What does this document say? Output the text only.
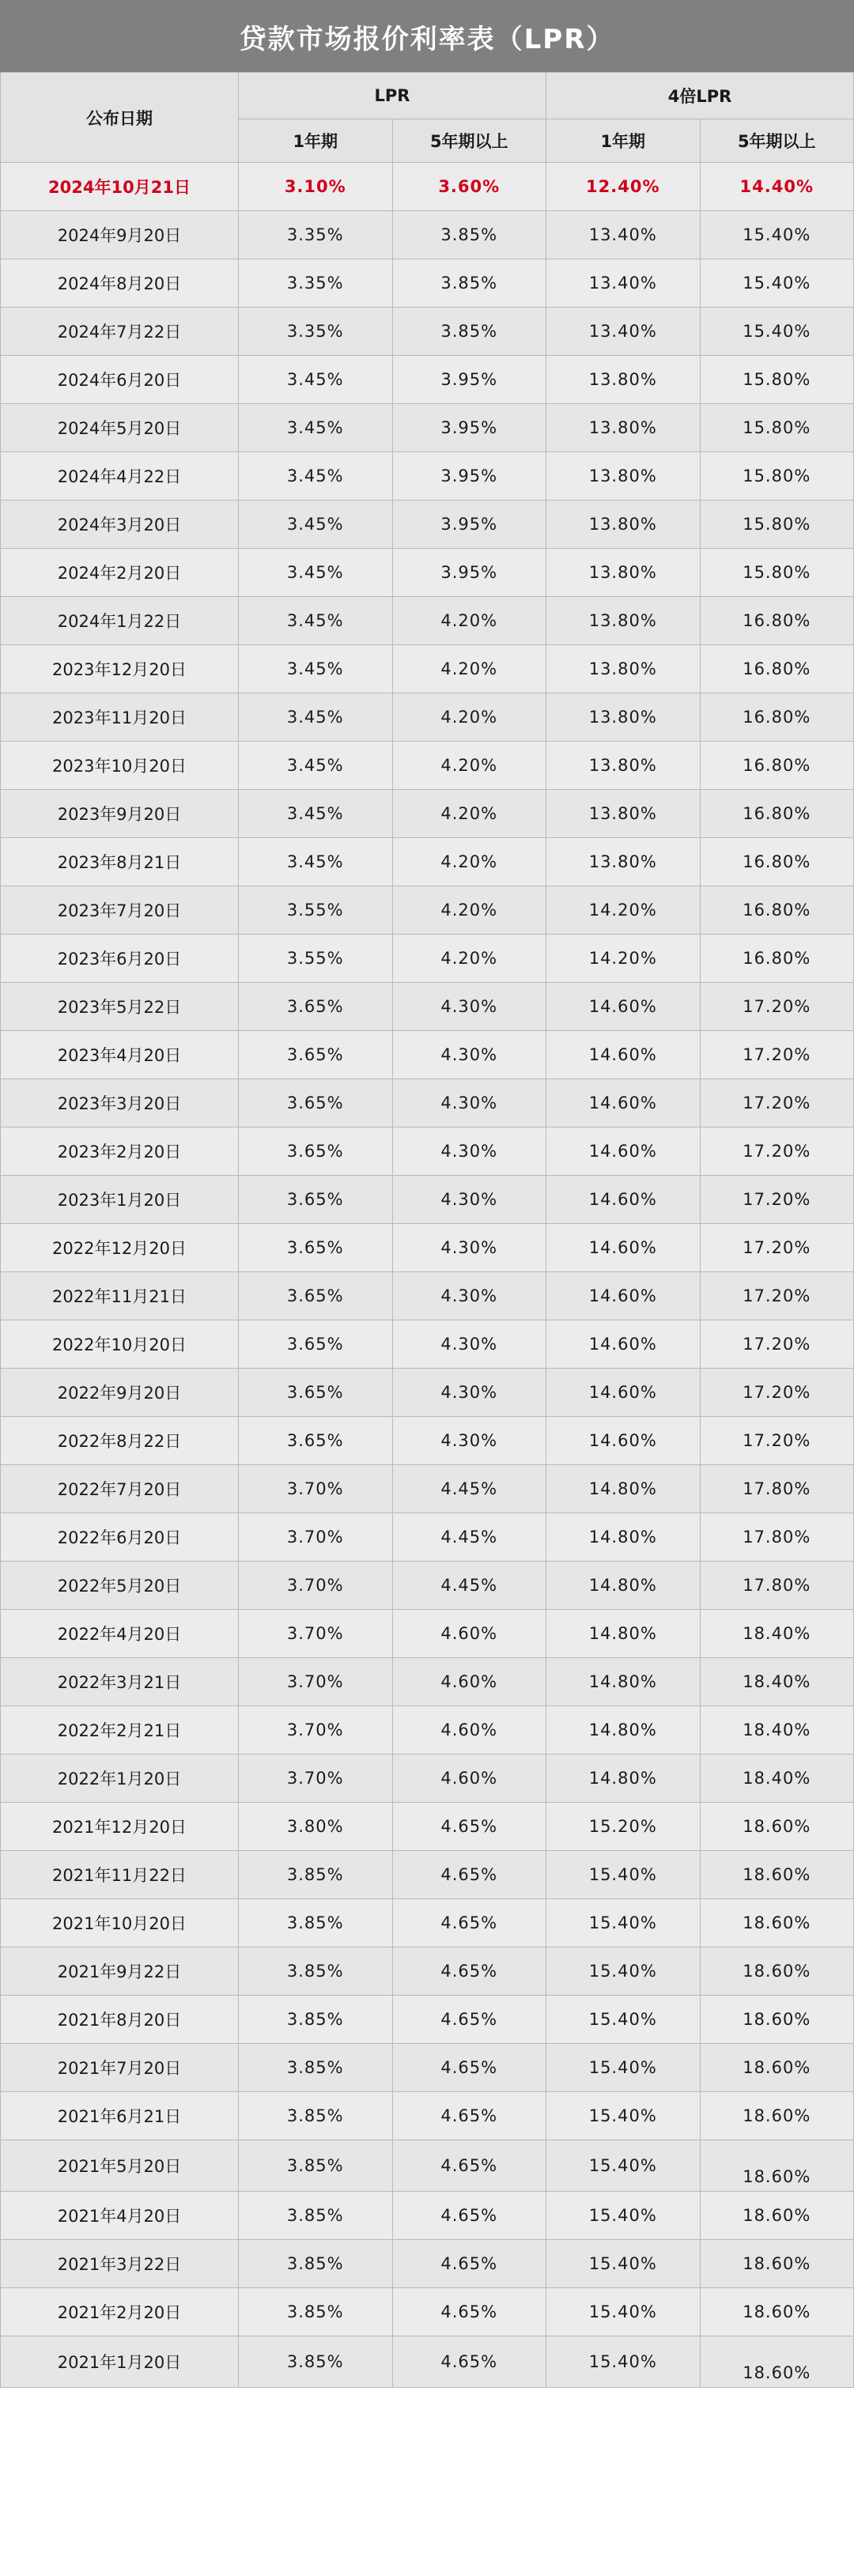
贷款市场报价利率表（LPR）
公布日期	LPR		4倍LPR	
	1年期	5年期以上	1年期	5年期以上
2024年10月21日	3.10%	3.60%	12.40%	14.40%
2024年9月20日	3.35%	3.85%	13.40%	15.40%
2024年8月20日	3.35%	3.85%	13.40%	15.40%
2024年7月22日	3.35%	3.85%	13.40%	15.40%
2024年6月20日	3.45%	3.95%	13.80%	15.80%
2024年5月20日	3.45%	3.95%	13.80%	15.80%
2024年4月22日	3.45%	3.95%	13.80%	15.80%
2024年3月20日	3.45%	3.95%	13.80%	15.80%
2024年2月20日	3.45%	3.95%	13.80%	15.80%
2024年1月22日	3.45%	4.20%	13.80%	16.80%
2023年12月20日	3.45%	4.20%	13.80%	16.80%
2023年11月20日	3.45%	4.20%	13.80%	16.80%
2023年10月20日	3.45%	4.20%	13.80%	16.80%
2023年9月20日	3.45%	4.20%	13.80%	16.80%
2023年8月21日	3.45%	4.20%	13.80%	16.80%
2023年7月20日	3.55%	4.20%	14.20%	16.80%
2023年6月20日	3.55%	4.20%	14.20%	16.80%
2023年5月22日	3.65%	4.30%	14.60%	17.20%
2023年4月20日	3.65%	4.30%	14.60%	17.20%
2023年3月20日	3.65%	4.30%	14.60%	17.20%
2023年2月20日	3.65%	4.30%	14.60%	17.20%
2023年1月20日	3.65%	4.30%	14.60%	17.20%
2022年12月20日	3.65%	4.30%	14.60%	17.20%
2022年11月21日	3.65%	4.30%	14.60%	17.20%
2022年10月20日	3.65%	4.30%	14.60%	17.20%
2022年9月20日	3.65%	4.30%	14.60%	17.20%
2022年8月22日	3.65%	4.30%	14.60%	17.20%
2022年7月20日	3.70%	4.45%	14.80%	17.80%
2022年6月20日	3.70%	4.45%	14.80%	17.80%
2022年5月20日	3.70%	4.45%	14.80%	17.80%
2022年4月20日	3.70%	4.60%	14.80%	18.40%
2022年3月21日	3.70%	4.60%	14.80%	18.40%
2022年2月21日	3.70%	4.60%	14.80%	18.40%
2022年1月20日	3.70%	4.60%	14.80%	18.40%
2021年12月20日	3.80%	4.65%	15.20%	18.60%
2021年11月22日	3.85%	4.65%	15.40%	18.60%
2021年10月20日	3.85%	4.65%	15.40%	18.60%
2021年9月22日	3.85%	4.65%	15.40%	18.60%
2021年8月20日	3.85%	4.65%	15.40%	18.60%
2021年7月20日	3.85%	4.65%	15.40%	18.60%
2021年6月21日	3.85%	4.65%	15.40%	18.60%
2021年5月20日	3.85%	4.65%	15.40%	18.60%
2021年4月20日	3.85%	4.65%	15.40%	18.60%
2021年3月22日	3.85%	4.65%	15.40%	18.60%
2021年2月20日	3.85%	4.65%	15.40%	18.60%
2021年1月20日	3.85%	4.65%	15.40%	18.60%
